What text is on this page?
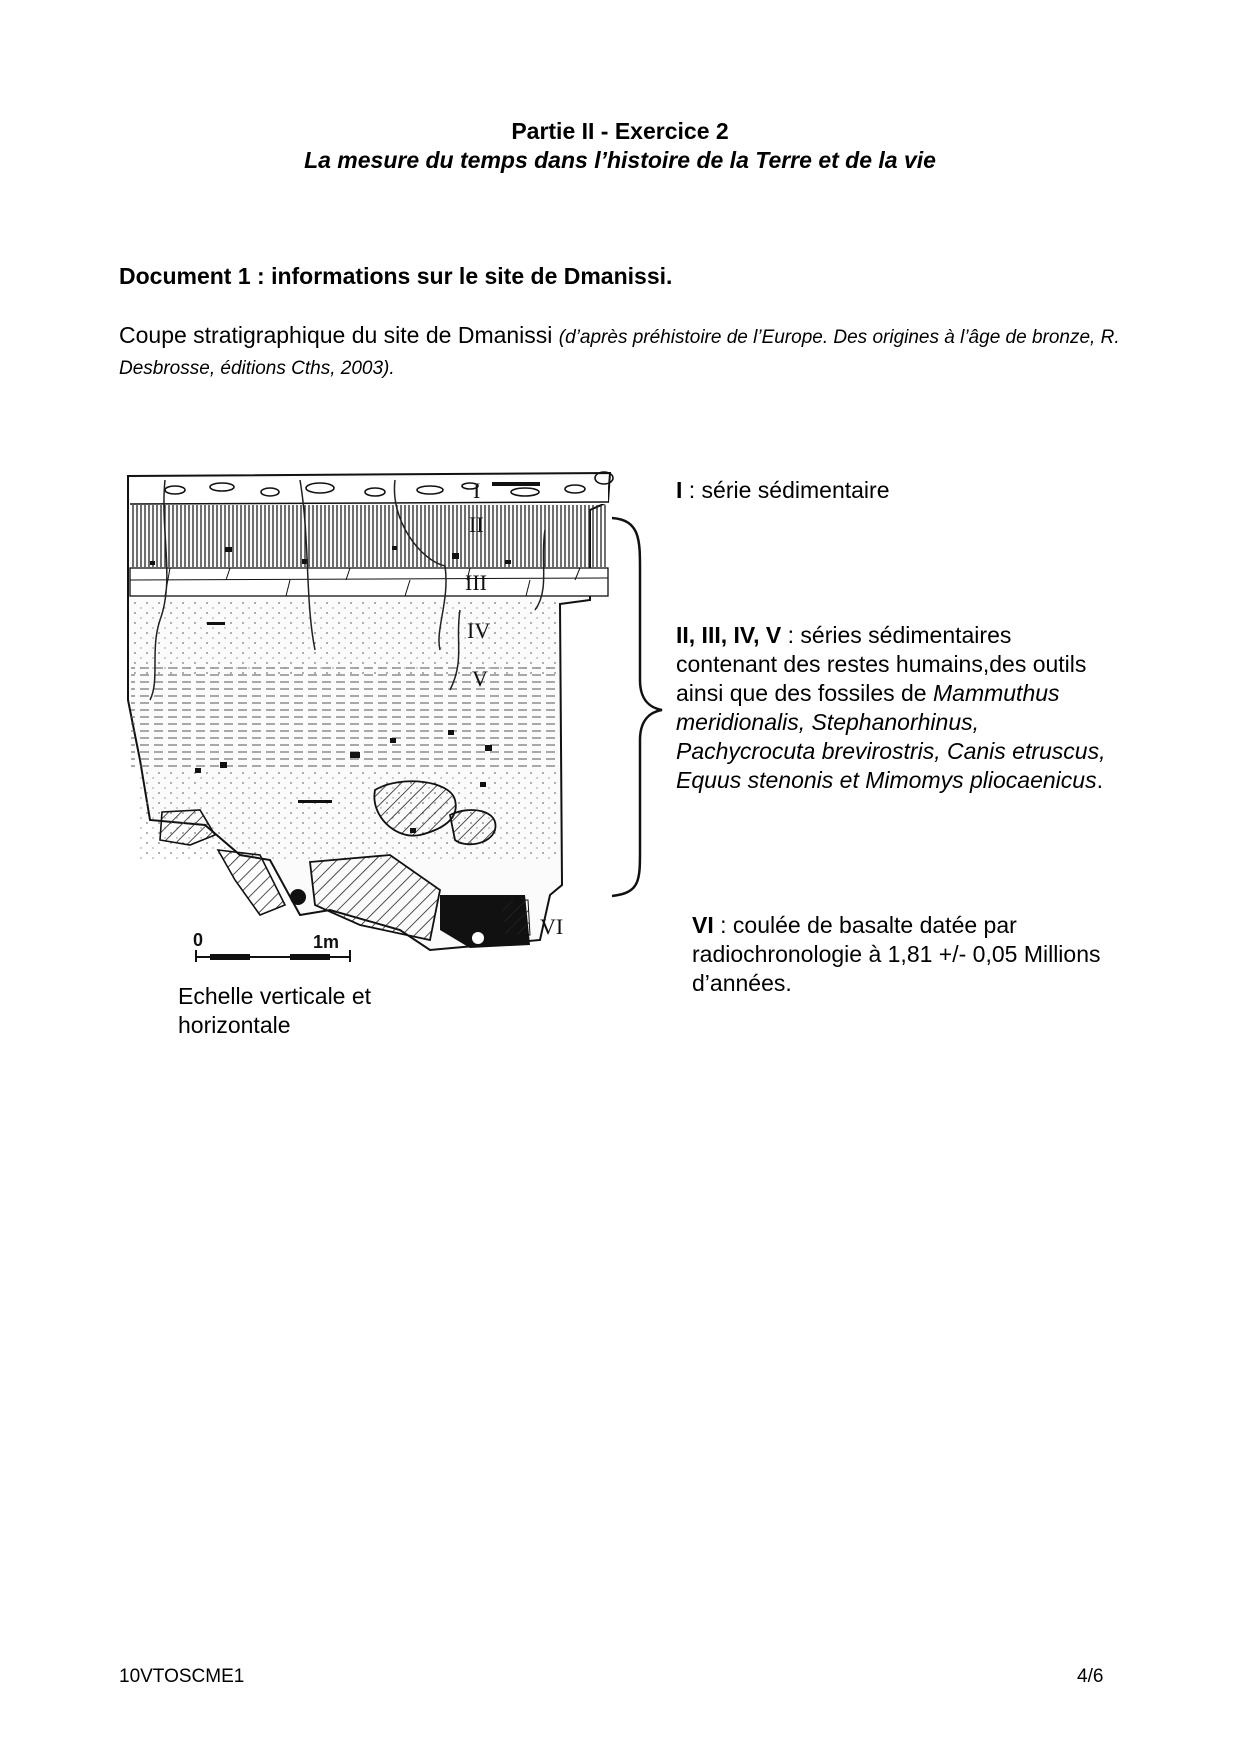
Partie II - Exercice 2
La mesure du temps dans l’histoire de la Terre et de la vie
Document 1 : informations sur le site de Dmanissi.
Coupe stratigraphique du site de Dmanissi (d’après préhistoire de l’Europe. Des origines à l’âge de bronze, R. Desbrosse, éditions Cths, 2003).
I
II
III
IV
V
VI
0	1m
Echelle verticale et horizontale
I : série sédimentaire
II, III, IV, V : séries sédimentaires contenant des restes humains,des outils ainsi que des fossiles de Mammuthus meridionalis, Stephanorhinus, Pachycrocuta brevirostris, Canis etruscus, Equus stenonis et Mimomys pliocaenicus.
VI : coulée de basalte datée par radiochronologie à 1,81 +/- 0,05 Millions d’années.
10VTOSCME1	4/6
